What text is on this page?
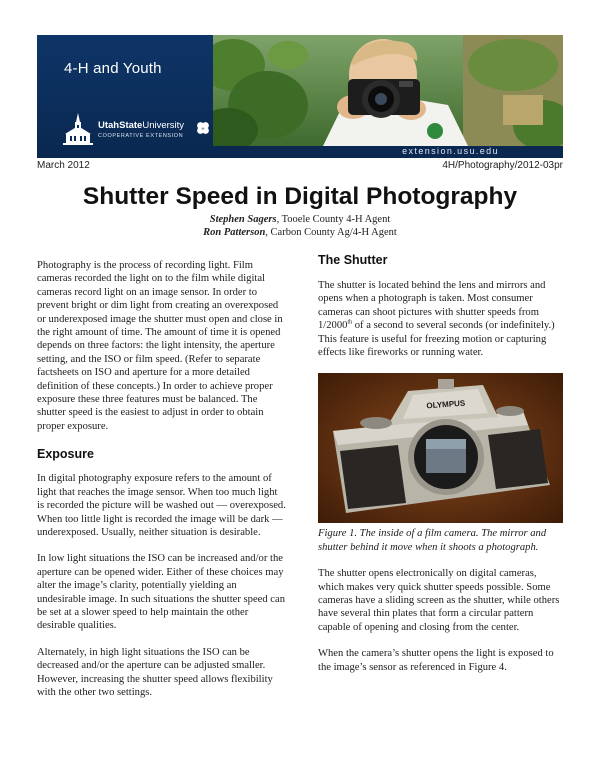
4-H and Youth
UtahStateUniversity
COOPERATIVE EXTENSION
H
extension.usu.edu
March 2012	4H/Photography/2012-03pr
Shutter Speed in Digital Photography
Stephen Sagers, Tooele County 4-H Agent
Ron Patterson, Carbon County Ag/4-H Agent

Photography is the process of recording light. Film cameras recorded the light on to the film while digital cameras record light on an image sensor. In order to prevent bright or dim light from creating an overexposed or underexposed image the shutter must open and close in the right amount of time. The amount of time it is opened depends on three factors: the light intensity, the aperture setting, and the ISO or film speed. (Refer to separate factsheets on ISO and aperture for a more detailed definition of these concepts.) In order to achieve proper exposure these three features must be balanced. The shutter speed is the easiest to adjust in order to obtain proper exposure.

Exposure

In digital photography exposure refers to the amount of light that reaches the image sensor. When too much light is recorded the picture will be washed out — overexposed. When too little light is recorded the image will be dark — underexposed. Usually, neither situation is desirable.

In low light situations the ISO can be increased and/or the aperture can be opened wider. Either of these choices may alter the image’s clarity, potentially yielding an undesirable image. In such situations the shutter speed can be set at a slower speed to help maintain the other desirable qualities.

Alternately, in high light situations the ISO can be decreased and/or the aperture can be adjusted smaller. However, increasing the shutter speed allows flexibility with the other two settings.

The Shutter

The shutter is located behind the lens and mirrors and opens when a photograph is taken. Most consumer cameras can shoot pictures with shutter speeds from 1/2000th of a second to several seconds (or indefinitely.) This feature is useful for freezing motion or capturing effects like fireworks or running water.

OLYMPUS

Figure 1. The inside of a film camera. The mirror and shutter behind it move when it shoots a photograph.

The shutter opens electronically on digital cameras, which makes very quick shutter speeds possible. Some cameras have a sliding screen as the shutter, while others have several thin plates that form a circular pattern capable of opening and closing from the center.

When the camera’s shutter opens the light is exposed to the image’s sensor as referenced in Figure 4.
